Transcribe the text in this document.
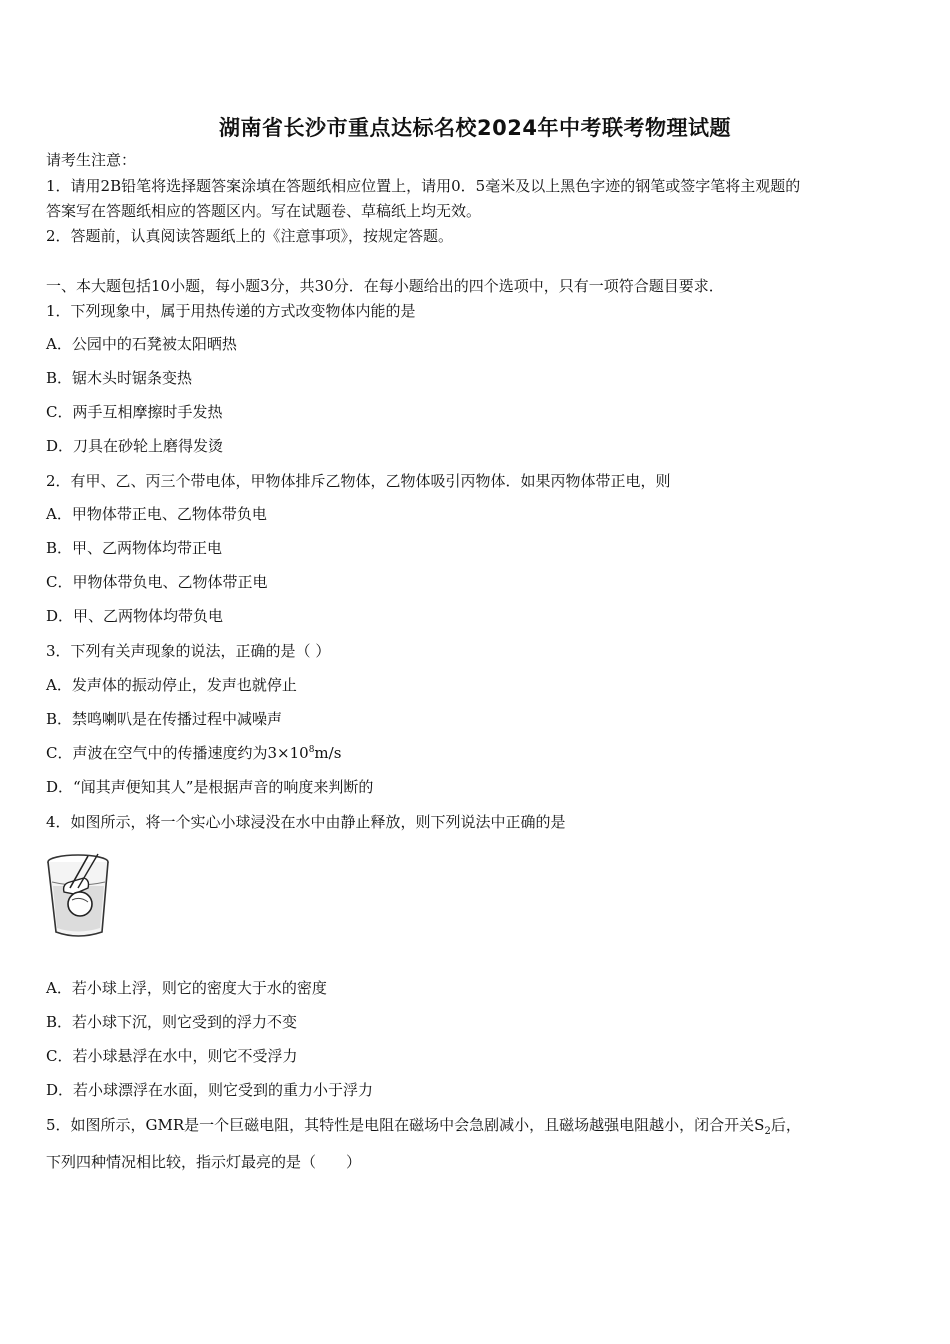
湖南省长沙市重点达标名校2024年中考联考物理试题
请考生注意：
1．请用2B铅笔将选择题答案涂填在答题纸相应位置上，请用0．5毫米及以上黑色字迹的钢笔或签字笔将主观题的
答案写在答题纸相应的答题区内。写在试题卷、草稿纸上均无效。
2．答题前，认真阅读答题纸上的《注意事项》，按规定答题。
一、本大题包括10小题，每小题3分，共30分．在每小题给出的四个选项中，只有一项符合题目要求．
1．下列现象中，属于用热传递的方式改变物体内能的是
A．公园中的石凳被太阳晒热
B．锯木头时锯条变热
C．两手互相摩擦时手发热
D．刀具在砂轮上磨得发烫
2．有甲、乙、丙三个带电体，甲物体排斥乙物体，乙物体吸引丙物体．如果丙物体带正电，则
A．甲物体带正电、乙物体带负电
B．甲、乙两物体均带正电
C．甲物体带负电、乙物体带正电
D．甲、乙两物体均带负电
3．下列有关声现象的说法，正确的是（ ）
A．发声体的振动停止，发声也就停止
B．禁鸣喇叭是在传播过程中减噪声
C．声波在空气中的传播速度约为$3\times 10^8m/s$
D．“闻其声便知其人”是根据声音的响度来判断的
4．如图所示，将一个实心小球浸没在水中由静止释放，则下列说法中正确的是
A．若小球上浮，则它的密度大于水的密度
B．若小球下沉，则它受到的浮力不变
C．若小球悬浮在水中，则它不受浮力
D．若小球漂浮在水面，则它受到的重力小于浮力
5．如图所示，GMR是一个巨磁电阻，其特性是电阻在磁场中会急剧减小，且磁场越强电阻越小，闭合开关$S_2$后，
下列四种情况相比较，指示灯最亮的是（　　）
